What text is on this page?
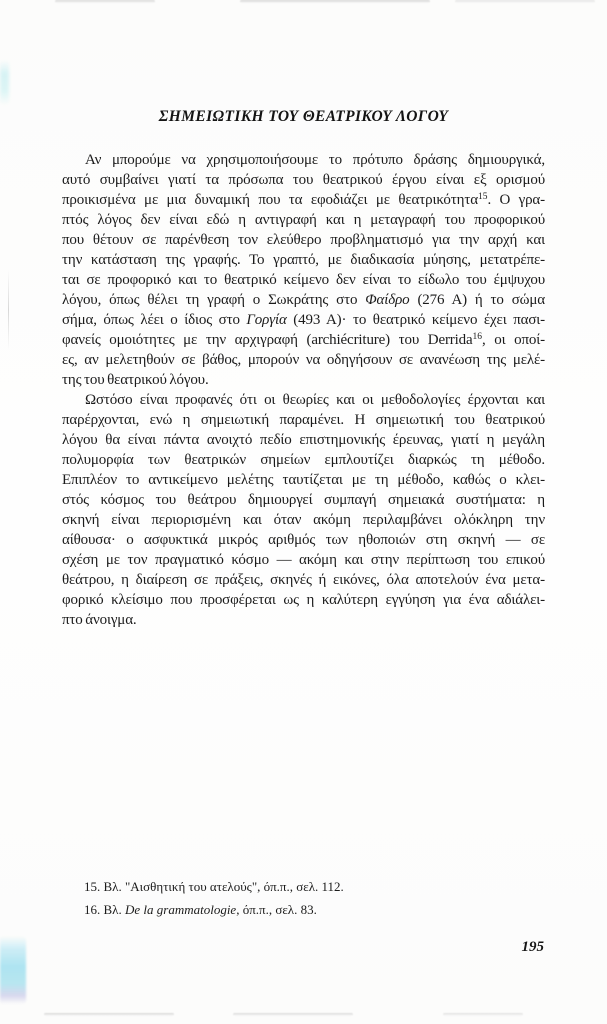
ΣΗΜΕΙΩΤΙΚΗ ΤΟΥ ΘΕΑΤΡΙΚΟΥ ΛΟΓΟΥ
Αν μπορούμε να χρησιμοποιήσουμε το πρότυπο δράσης δημιουργικά,
αυτό συμβαίνει γιατί τα πρόσωπα του θεατρικού έργου είναι εξ ορισμού
προικισμένα με μια δυναμική που τα εφοδιάζει με θεατρικότητα$^{15}$. Ο γρα-
πτός λόγος δεν είναι εδώ η αντιγραφή και η μεταγραφή του προφορικού
που θέτουν σε παρένθεση τον ελεύθερο προβληματισμό για την αρχή και
την κατάσταση της γραφής. Το γραπτό, με διαδικασία μύησης, μετατρέπε-
ται σε προφορικό και το θεατρικό κείμενο δεν είναι το είδωλο του έμψυχου
λόγου, όπως θέλει τη γραφή ο Σωκράτης στο Φαίδρο (276 Α) ή το σώμα
σήμα, όπως λέει ο ίδιος στο Γοργία (493 Α)· το θεατρικό κείμενο έχει πασι-
φανείς ομοιότητες με την αρχιγραφή (archiécriture) του Derrida$^{16}$, οι οποί-
ες, αν μελετηθούν σε βάθος, μπορούν να οδηγήσουν σε ανανέωση της μελέ-
της του θεατρικού λόγου.
Ωστόσο είναι προφανές ότι οι θεωρίες και οι μεθοδολογίες έρχονται και
παρέρχονται, ενώ η σημειωτική παραμένει. Η σημειωτική του θεατρικού
λόγου θα είναι πάντα ανοιχτό πεδίο επιστημονικής έρευνας, γιατί η μεγάλη
πολυμορφία των θεατρικών σημείων εμπλουτίζει διαρκώς τη μέθοδο.
Επιπλέον το αντικείμενο μελέτης ταυτίζεται με τη μέθοδο, καθώς ο κλει-
στός κόσμος του θεάτρου δημιουργεί συμπαγή σημειακά συστήματα: η
σκηνή είναι περιορισμένη και όταν ακόμη περιλαμβάνει ολόκληρη την
αίθουσα· ο ασφυκτικά μικρός αριθμός των ηθοποιών στη σκηνή — σε
σχέση με τον πραγματικό κόσμο — ακόμη και στην περίπτωση του επικού
θεάτρου, η διαίρεση σε πράξεις, σκηνές ή εικόνες, όλα αποτελούν ένα μετα-
φορικό κλείσιμο που προσφέρεται ως η καλύτερη εγγύηση για ένα αδιάλει-
πτο άνοιγμα.
15. Βλ. "Αισθητική του ατελούς", όπ.π., σελ. 112.
16. Βλ. De la grammatologie, όπ.π., σελ. 83.
195
